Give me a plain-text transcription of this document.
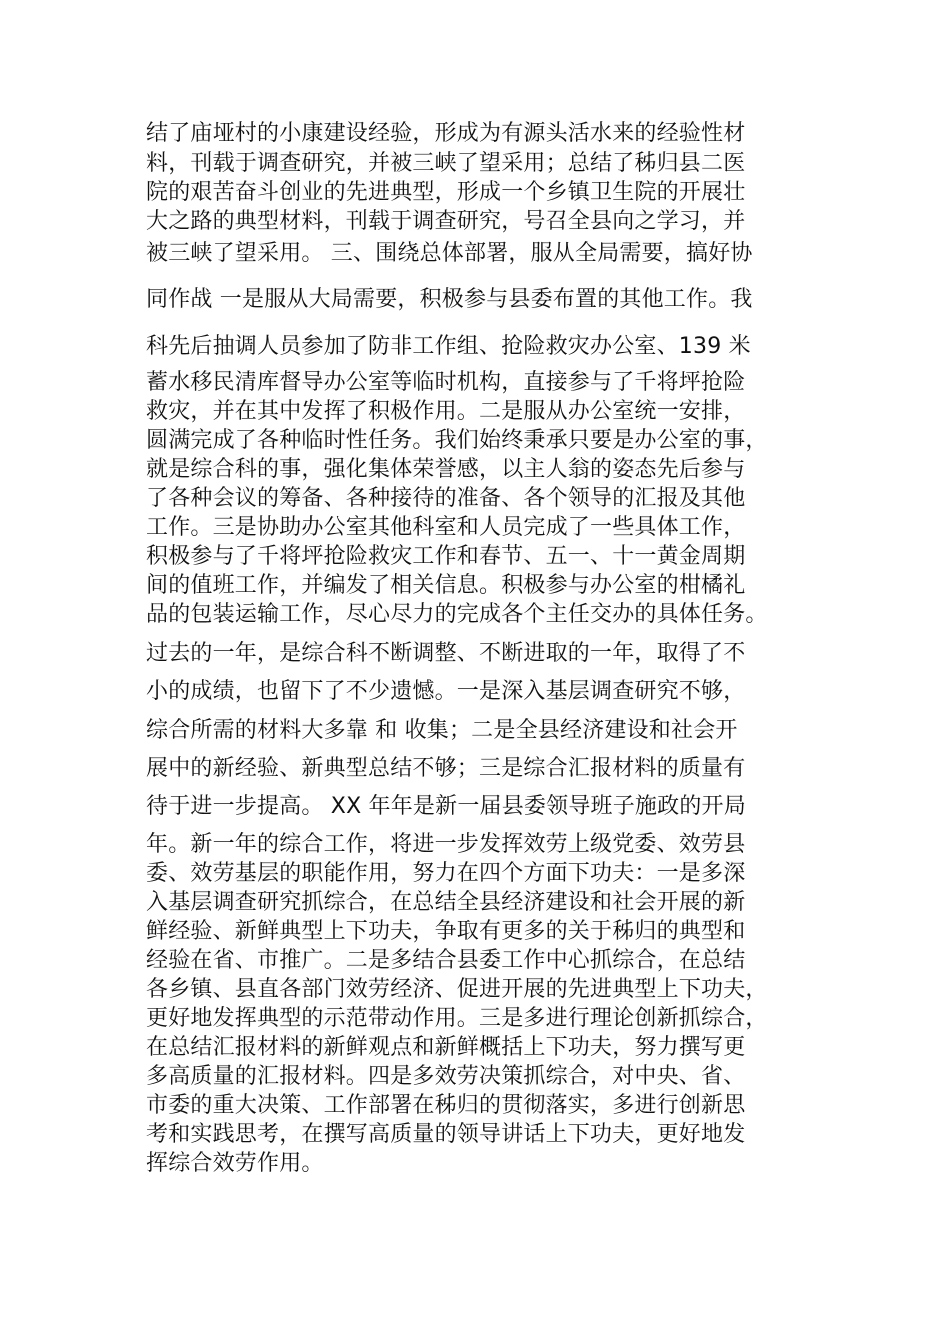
结了庙垭村的小康建设经验，形成为有源头活水来的经验性材
料，刊载于调查研究，并被三峡了望采用；总结了秭归县二医
院的艰苦奋斗创业的先进典型，形成一个乡镇卫生院的开展壮
大之路的典型材料，刊载于调查研究，号召全县向之学习，并
被三峡了望采用。 三、围绕总体部署，服从全局需要，搞好协
同作战 一是服从大局需要，积极参与县委布置的其他工作。我
科先后抽调人员参加了防非工作组、抢险救灾办公室、139 米
蓄水移民清库督导办公室等临时机构，直接参与了千将坪抢险
救灾，并在其中发挥了积极作用。二是服从办公室统一安排，
圆满完成了各种临时性任务。我们始终秉承只要是办公室的事，
就是综合科的事，强化集体荣誉感，以主人翁的姿态先后参与
了各种会议的筹备、各种接待的准备、各个领导的汇报及其他
工作。三是协助办公室其他科室和人员完成了一些具体工作，
积极参与了千将坪抢险救灾工作和春节、五一、十一黄金周期
间的值班工作，并编发了相关信息。积极参与办公室的柑橘礼
品的包装运输工作，尽心尽力的完成各个主任交办的具体任务。
过去的一年，是综合科不断调整、不断进取的一年，取得了不
小的成绩，也留下了不少遗憾。一是深入基层调查研究不够，
综合所需的材料大多靠 和 收集；二是全县经济建设和社会开
展中的新经验、新典型总结不够；三是综合汇报材料的质量有
待于进一步提高。 XX 年年是新一届县委领导班子施政的开局
年。新一年的综合工作，将进一步发挥效劳上级党委、效劳县
委、效劳基层的职能作用，努力在四个方面下功夫：一是多深
入基层调查研究抓综合，在总结全县经济建设和社会开展的新
鲜经验、新鲜典型上下功夫，争取有更多的关于秭归的典型和
经验在省、市推广。二是多结合县委工作中心抓综合，在总结
各乡镇、县直各部门效劳经济、促进开展的先进典型上下功夫，
更好地发挥典型的示范带动作用。三是多进行理论创新抓综合，
在总结汇报材料的新鲜观点和新鲜概括上下功夫，努力撰写更
多高质量的汇报材料。四是多效劳决策抓综合，对中央、省、
市委的重大决策、工作部署在秭归的贯彻落实，多进行创新思
考和实践思考，在撰写高质量的领导讲话上下功夫，更好地发
挥综合效劳作用。
